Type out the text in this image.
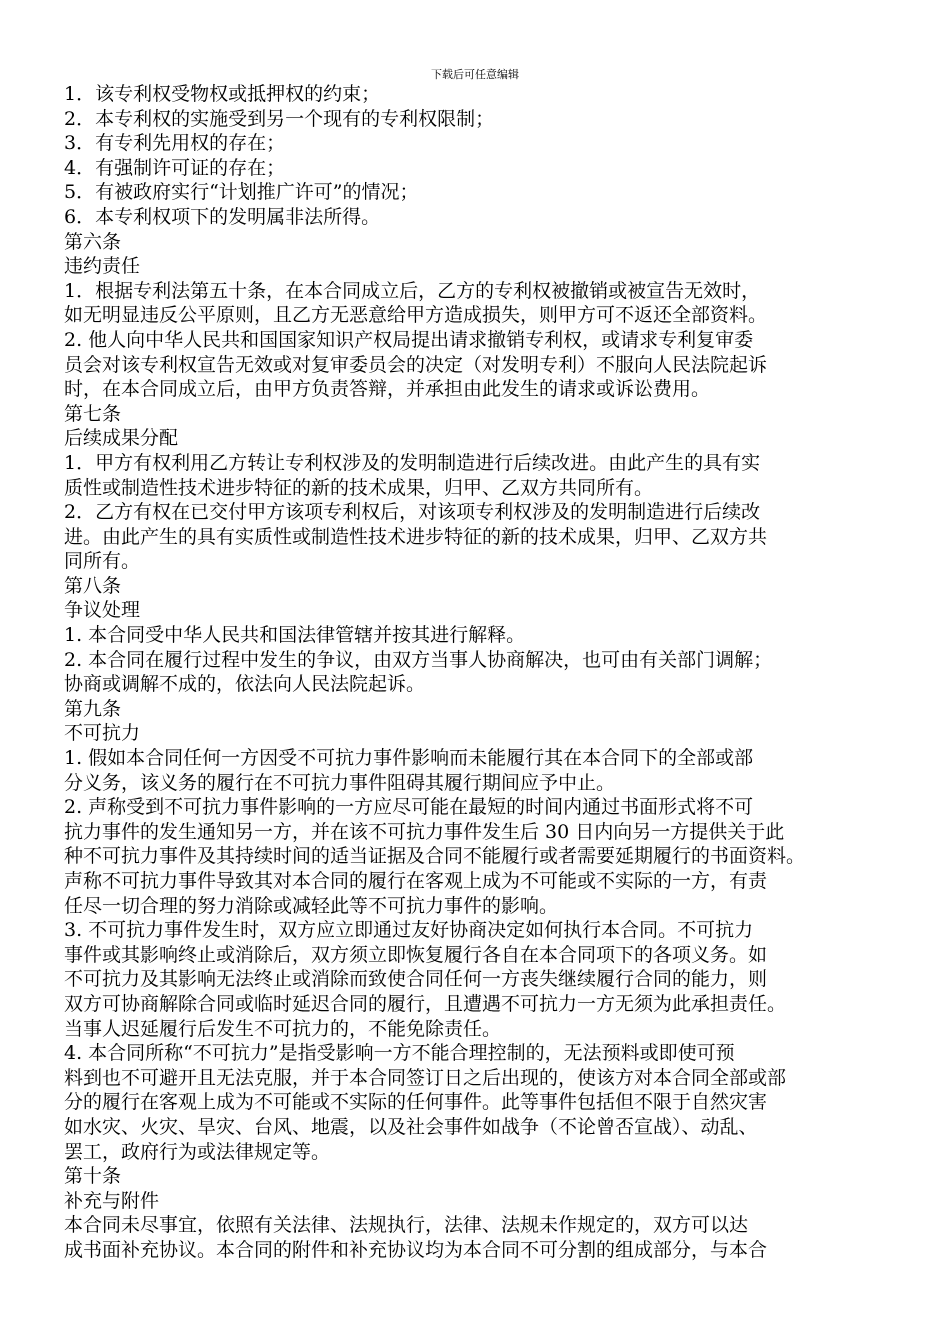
下载后可任意编辑
1．该专利权受物权或抵押权的约束；
2．本专利权的实施受到另一个现有的专利权限制；
3．有专利先用权的存在；
4．有强制许可证的存在；
5．有被政府实行“计划推广许可”的情况；
6．本专利权项下的发明属非法所得。
第六条
违约责任
1．根据专利法第五十条，在本合同成立后，乙方的专利权被撤销或被宣告无效时，
如无明显违反公平原则，且乙方无恶意给甲方造成损失，则甲方可不返还全部资料。
2. 他人向中华人民共和国国家知识产权局提出请求撤销专利权，或请求专利复审委
员会对该专利权宣告无效或对复审委员会的决定（对发明专利）不服向人民法院起诉
时，在本合同成立后，由甲方负责答辩，并承担由此发生的请求或诉讼费用。
第七条
后续成果分配
1．甲方有权利用乙方转让专利权涉及的发明制造进行后续改进。由此产生的具有实
质性或制造性技术进步特征的新的技术成果，归甲、乙双方共同所有。
2．乙方有权在已交付甲方该项专利权后，对该项专利权涉及的发明制造进行后续改
进。由此产生的具有实质性或制造性技术进步特征的新的技术成果，归甲、乙双方共
同所有。
第八条
争议处理
1. 本合同受中华人民共和国法律管辖并按其进行解释。
2. 本合同在履行过程中发生的争议，由双方当事人协商解决，也可由有关部门调解；
协商或调解不成的，依法向人民法院起诉。
第九条
不可抗力
1. 假如本合同任何一方因受不可抗力事件影响而未能履行其在本合同下的全部或部
分义务，该义务的履行在不可抗力事件阻碍其履行期间应予中止。
2. 声称受到不可抗力事件影响的一方应尽可能在最短的时间内通过书面形式将不可
抗力事件的发生通知另一方，并在该不可抗力事件发生后 30 日内向另一方提供关于此
种不可抗力事件及其持续时间的适当证据及合同不能履行或者需要延期履行的书面资料。
声称不可抗力事件导致其对本合同的履行在客观上成为不可能或不实际的一方，有责
任尽一切合理的努力消除或减轻此等不可抗力事件的影响。
3. 不可抗力事件发生时，双方应立即通过友好协商决定如何执行本合同。不可抗力
事件或其影响终止或消除后，双方须立即恢复履行各自在本合同项下的各项义务。如
不可抗力及其影响无法终止或消除而致使合同任何一方丧失继续履行合同的能力，则
双方可协商解除合同或临时延迟合同的履行，且遭遇不可抗力一方无须为此承担责任。
当事人迟延履行后发生不可抗力的，不能免除责任。
4. 本合同所称“不可抗力”是指受影响一方不能合理控制的，无法预料或即使可预
料到也不可避开且无法克服，并于本合同签订日之后出现的，使该方对本合同全部或部
分的履行在客观上成为不可能或不实际的任何事件。此等事件包括但不限于自然灾害
如水灾、火灾、旱灾、台风、地震，以及社会事件如战争（不论曾否宣战）、动乱、
罢工，政府行为或法律规定等。
第十条
补充与附件
本合同未尽事宜，依照有关法律、法规执行，法律、法规未作规定的，双方可以达
成书面补充协议。本合同的附件和补充协议均为本合同不可分割的组成部分，与本合
